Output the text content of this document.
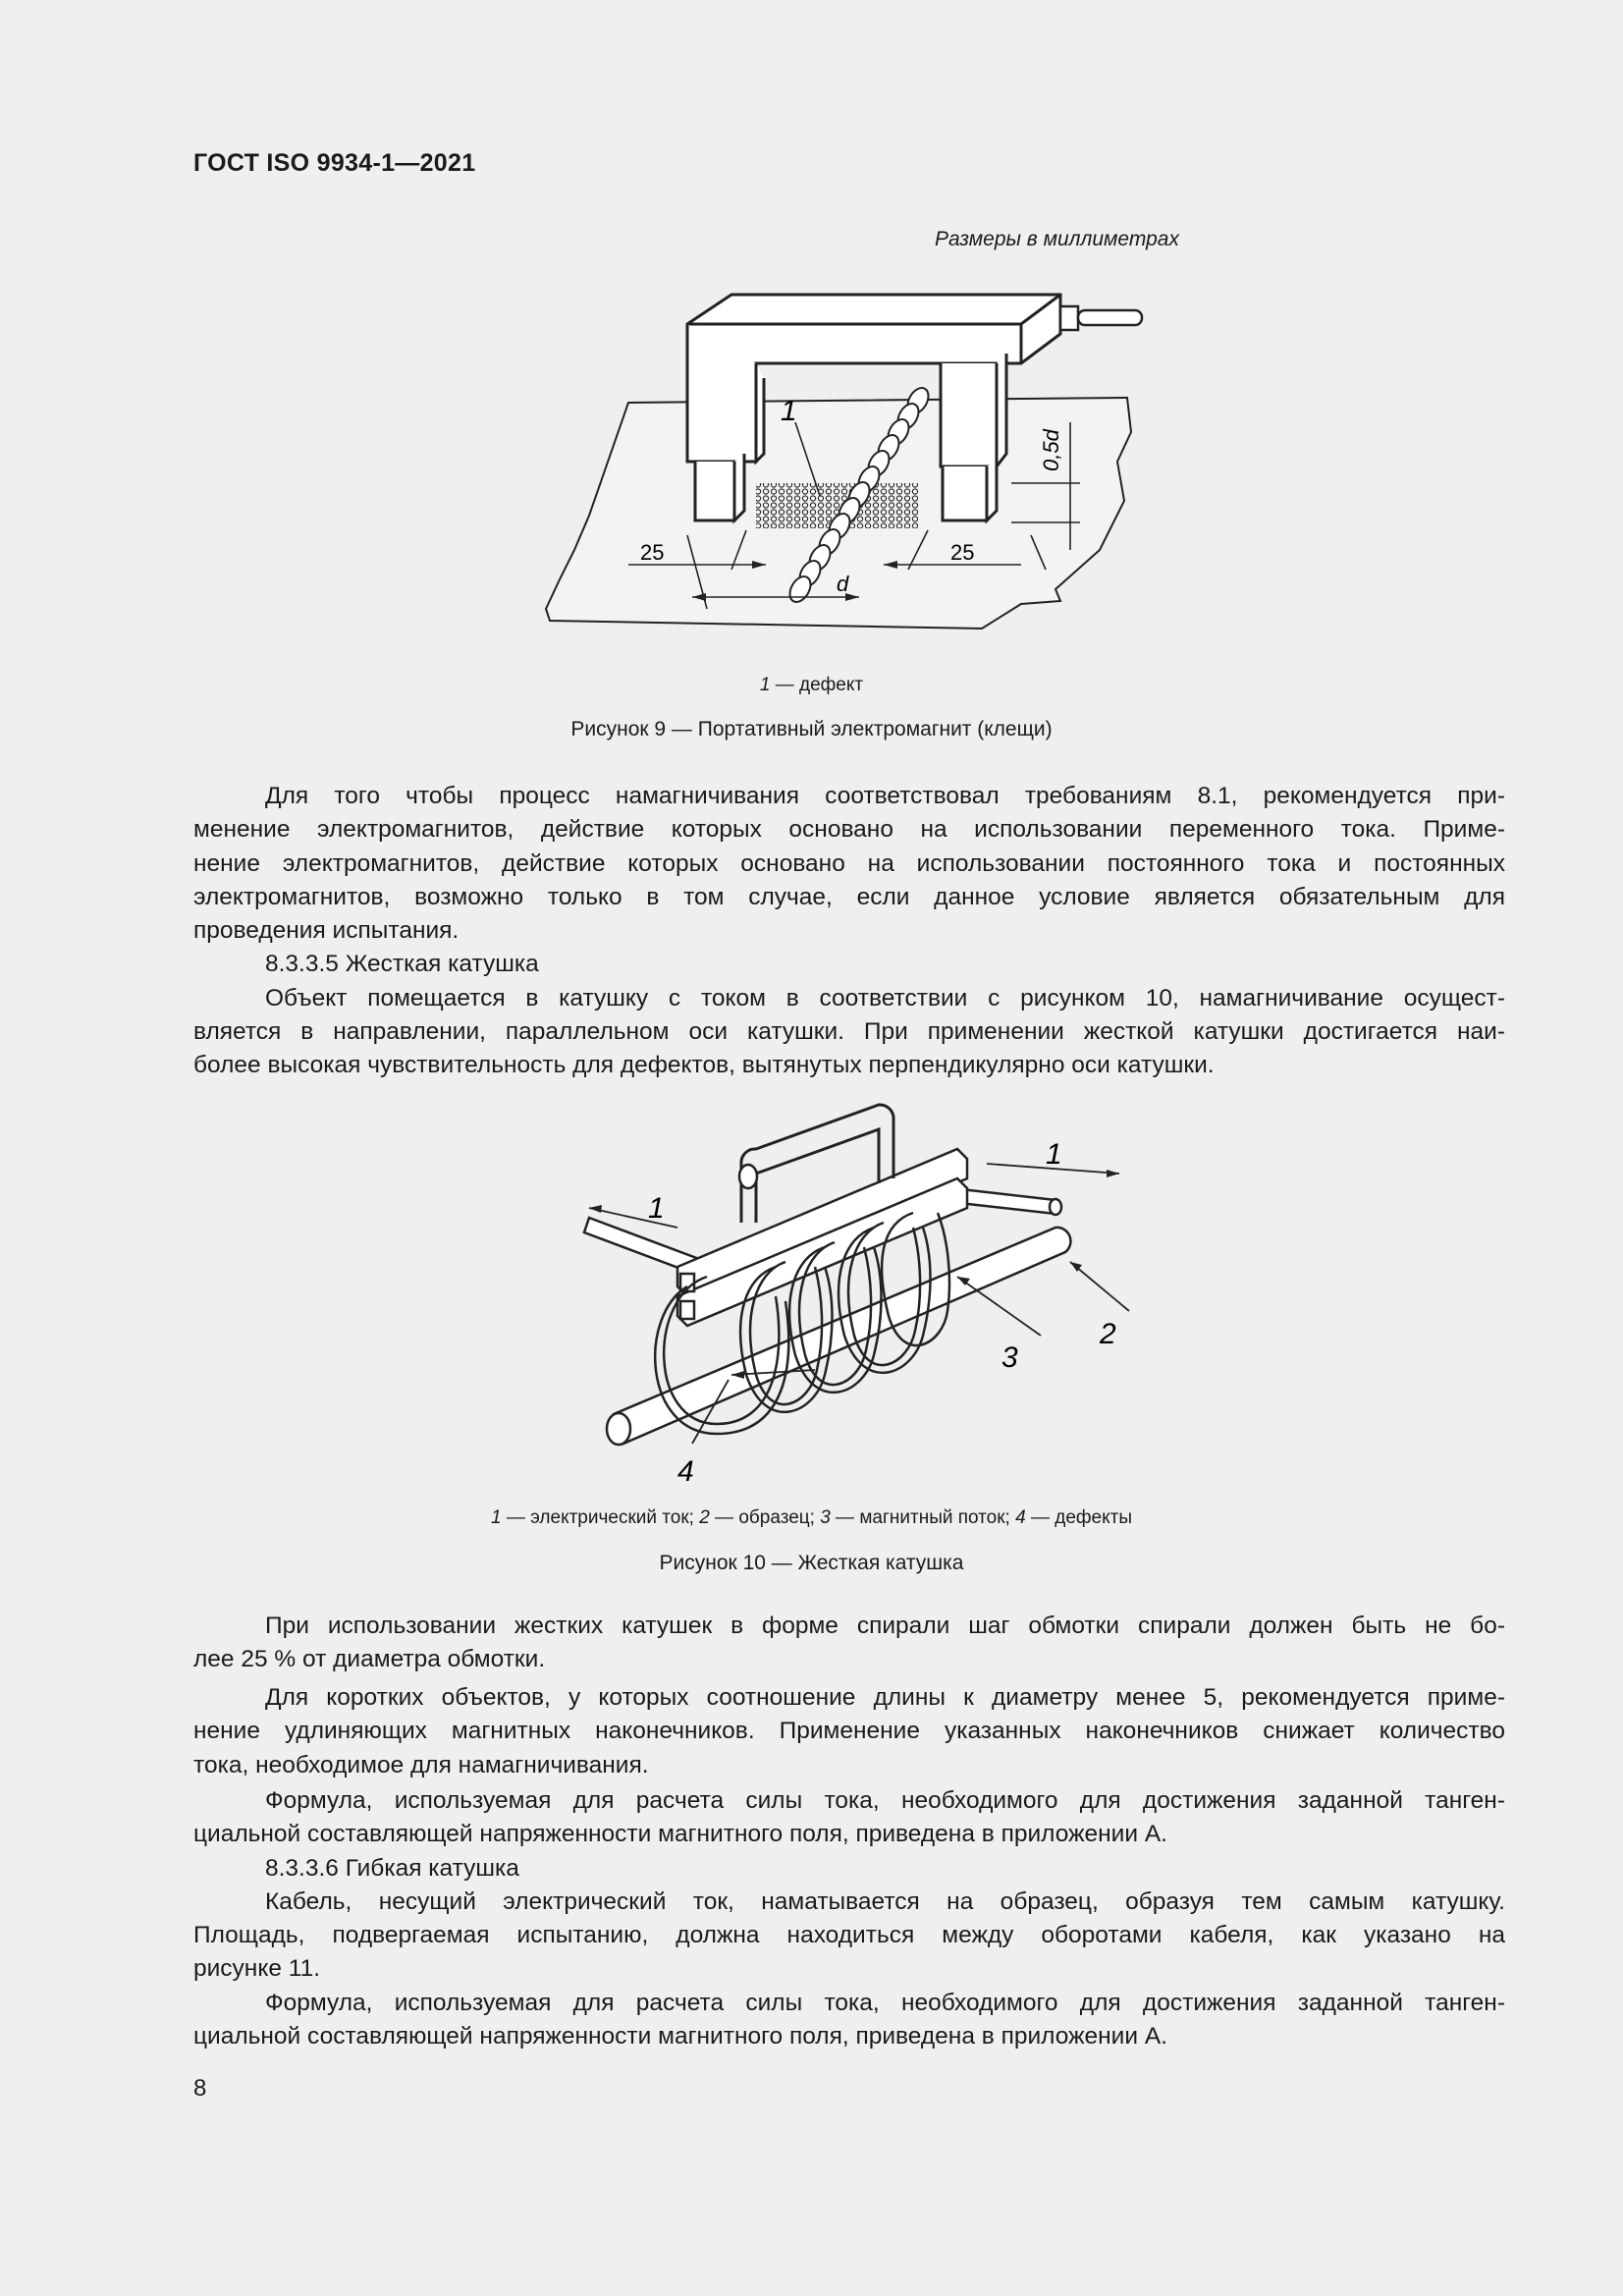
ГОСТ ISO 9934-1—2021
Размеры в миллиметрах
1
25	25
d
0,5d
1 — дефект
Рисунок 9 — Портативный электромагнит (клещи)
Для того чтобы процесс намагничивания соответствовал требованиям 8.1, рекомендуется при-
менение электромагнитов, действие которых основано на использовании переменного тока. Приме-
нение электромагнитов, действие которых основано на использовании постоянного тока и постоянных
электромагнитов, возможно только в том случае, если данное условие является обязательным для
проведения испытания.
8.3.3.5 Жесткая катушка
Объект помещается в катушку с током в соответствии с рисунком 10, намагничивание осущест-
вляется в направлении, параллельном оси катушки. При применении жесткой катушки достигается наи-
более высокая чувствительность для дефектов, вытянутых перпендикулярно оси катушки.
1
1
2
3
4
1 — электрический ток; 2 — образец; 3 — магнитный поток; 4 — дефекты
Рисунок 10 — Жесткая катушка
При использовании жестких катушек в форме спирали шаг обмотки спирали должен быть не бо-
лее 25 % от диаметра обмотки.
Для коротких объектов, у которых соотношение длины к диаметру менее 5, рекомендуется приме-
нение удлиняющих магнитных наконечников. Применение указанных наконечников снижает количество
тока, необходимое для намагничивания.
Формула, используемая для расчета силы тока, необходимого для достижения заданной танген-
циальной составляющей напряженности магнитного поля, приведена в приложении А.
8.3.3.6 Гибкая катушка
Кабель, несущий электрический ток, наматывается на образец, образуя тем самым катушку.
Площадь, подвергаемая испытанию, должна находиться между оборотами кабеля, как указано на
рисунке 11.
Формула, используемая для расчета силы тока, необходимого для достижения заданной танген-
циальной составляющей напряженности магнитного поля, приведена в приложении А.
8
